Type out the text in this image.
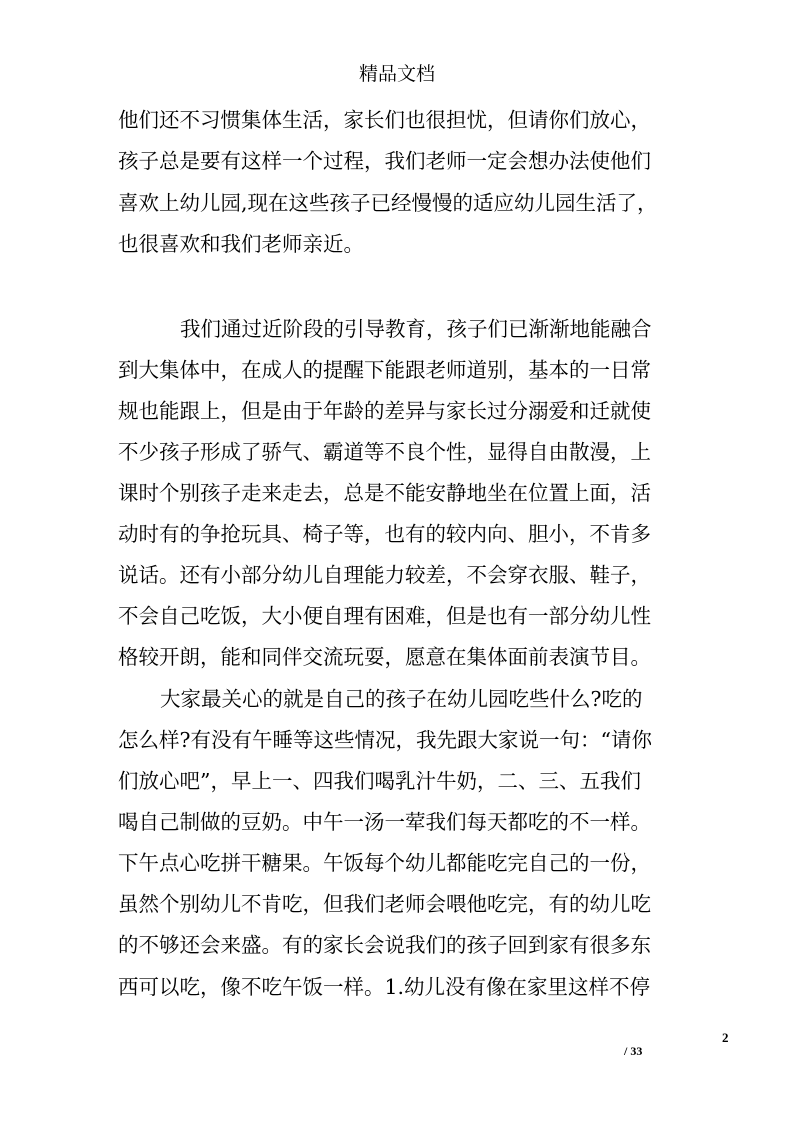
精品文档
他们还不习惯集体生活，家长们也很担忧，但请你们放心，
孩子总是要有这样一个过程，我们老师一定会想办法使他们
喜欢上幼儿园,现在这些孩子已经慢慢的适应幼儿园生活了，
也很喜欢和我们老师亲近。
我们通过近阶段的引导教育，孩子们已渐渐地能融合
到大集体中，在成人的提醒下能跟老师道别，基本的一日常
规也能跟上，但是由于年龄的差异与家长过分溺爱和迁就使
不少孩子形成了骄气、霸道等不良个性，显得自由散漫，上
课时个别孩子走来走去，总是不能安静地坐在位置上面，活
动时有的争抢玩具、椅子等，也有的较内向、胆小，不肯多
说话。还有小部分幼儿自理能力较差，不会穿衣服、鞋子，
不会自己吃饭，大小便自理有困难，但是也有一部分幼儿性
格较开朗，能和同伴交流玩耍，愿意在集体面前表演节目。
大家最关心的就是自己的孩子在幼儿园吃些什么?吃的
怎么样?有没有午睡等这些情况，我先跟大家说一句：“请你
们放心吧”，早上一、四我们喝乳汁牛奶，二、三、五我们
喝自己制做的豆奶。中午一汤一荤我们每天都吃的不一样。
下午点心吃拼干糖果。午饭每个幼儿都能吃完自己的一份，
虽然个别幼儿不肯吃，但我们老师会喂他吃完，有的幼儿吃
的不够还会来盛。有的家长会说我们的孩子回到家有很多东
西可以吃，像不吃午饭一样。1.幼儿没有像在家里这样不停
2
/ 33
